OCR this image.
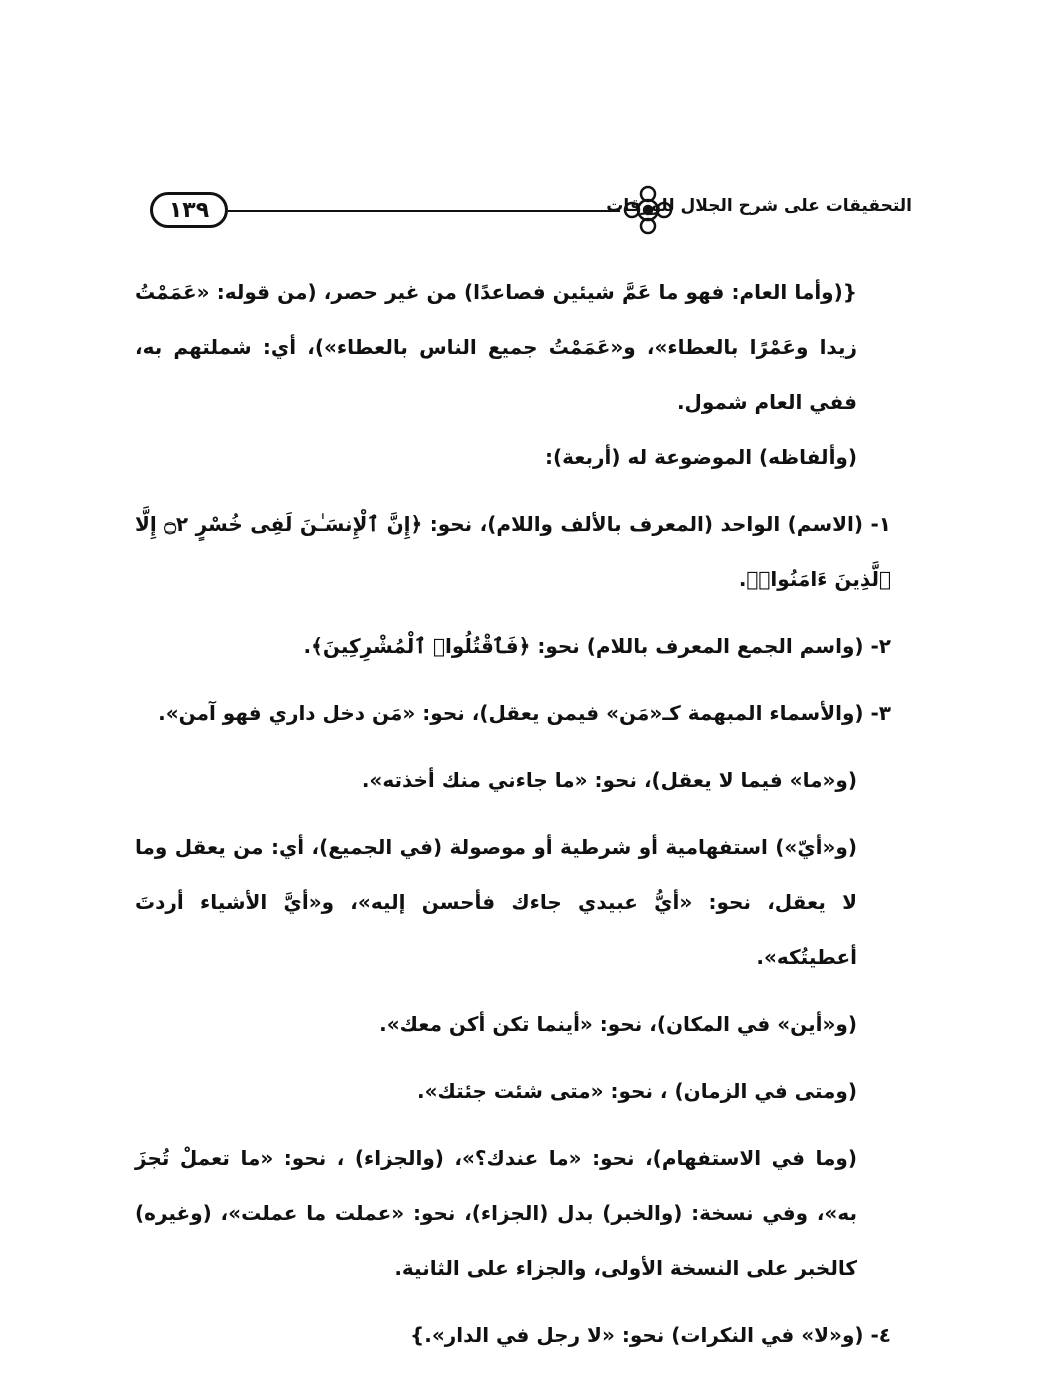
١٣٩	التحقيقات على شرح الجلال للورقات

{(وأما العام: فهو ما عَمَّ شيئين فصاعدًا) من غير حصر، (من قوله: «عَمَمْتُ زيدا وعَمْرًا بالعطاء»، و«عَمَمْتُ جميع الناس بالعطاء»)، أي: شملتهم به، ففي العام شمول.

(وألفاظه) الموضوعة له (أربعة):

١- (الاسم) الواحد (المعرف بالألف واللام)، نحو: ﴿إِنَّ ٱلْإِنسَـٰنَ لَفِى خُسْرٍ ۝٢ إِلَّا ٱلَّذِينَ ءَامَنُوا۟﴾.

٢- (واسم الجمع المعرف باللام) نحو: ﴿فَٱقْتُلُوا۟ ٱلْمُشْرِكِينَ﴾.

٣- (والأسماء المبهمة كـ«مَن» فيمن يعقل)، نحو: «مَن دخل داري فهو آمن».

(و«ما» فيما لا يعقل)، نحو: «ما جاءني منك أخذته».

(و«أيّ») استفهامية أو شرطية أو موصولة (في الجميع)، أي: من يعقل وما لا يعقل، نحو: «أيُّ عبيدي جاءك فأحسن إليه»، و«أيَّ الأشياء أردتَ أعطيتُكه».

(و«أين» في المكان)، نحو: «أينما تكن أكن معك».

(ومتى في الزمان) ، نحو: «متى شئت جئتك».

(وما في الاستفهام)، نحو: «ما عندك؟»، (والجزاء) ، نحو: «ما تعملْ تُجزَ به»، وفي نسخة: (والخبر) بدل (الجزاء)، نحو: «عملت ما عملت»، (وغيره) كالخبر على النسخة الأولى، والجزاء على الثانية.

٤- (و«لا» في النكرات) نحو: «لا رجل في الدار».}
